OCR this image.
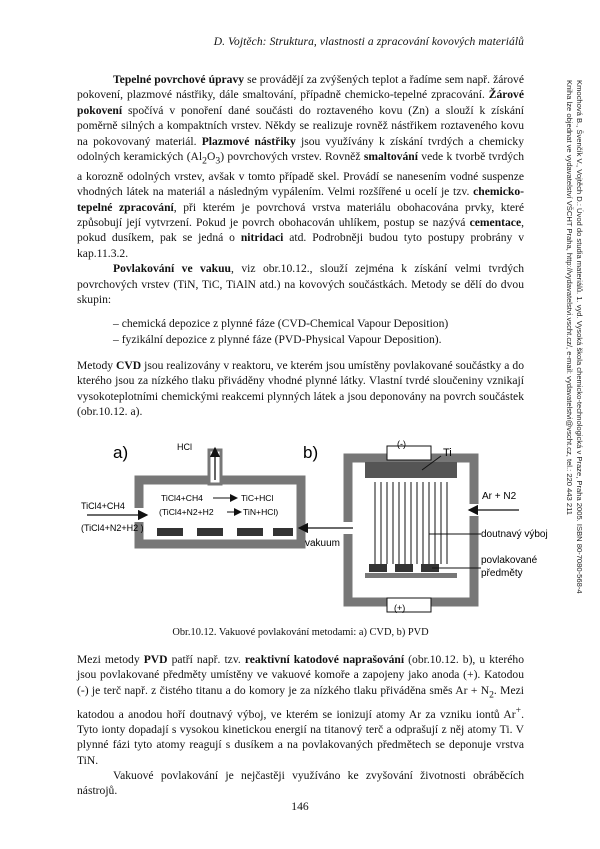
D. Vojtěch: Struktura, vlastnosti a zpracování kovových materiálů
Kmochová B., Švenčík V., Vojtěch D.: Úvod do studia materiálů. 1. vyd. Vysoká škola chemicko-technologická v Praze, Praha 2005. ISBN 80-7080-568-4
Kniha lze objednat ve vydavatelství VŠCHT Praha, http://vydavatelstvi.vscht.cz/, e-mail: vydavatelstvi@vscht.cz, tel.: 220 443 211

Tepelné povrchové úpravy se provádějí za zvýšených teplot a řadíme sem např. žárové pokovení, plazmové nástřiky, dále smaltování, případně chemicko-tepelné zpracování. Žárové pokovení spočívá v ponoření dané součásti do roztaveného kovu (Zn) a slouží k získání poměrně silných a kompaktních vrstev. Někdy se realizuje rovněž nástřikem roztaveného kovu na pokovovaný materiál. Plazmové nástřiky jsou využívány k získání tvrdých a chemicky odolných keramických $(Al_2O_3)$ povrchových vrstev. Rovněž smaltování vede k tvorbě tvrdých a korozně odolných vrstev, avšak v tomto případě skel. Provádí se nanesením vodné suspenze vhodných látek na materiál a následným vypálením. Velmi rozšířené u ocelí je tzv. chemicko-tepelné zpracování, při kterém je povrchová vrstva materiálu obohacována prvky, které způsobují její vytvrzení. Pokud je povrch obohacován uhlíkem, postup se nazývá cementace, pokud dusíkem, pak se jedná o nitridaci atd. Podrobněji budou tyto postupy probrány v kap.11.3.2.

Povlakování ve vakuu, viz obr.10.12., slouží zejména k získání velmi tvrdých povrchových vrstev (TiN, TiC, TiAlN atd.) na kovových součástkách. Metody se dělí do dvou skupin:

– chemická depozice z plynné fáze (CVD-Chemical Vapour Deposition)
– fyzikální depozice z plynné fáze (PVD-Physical Vapour Deposition).

Metody CVD jsou realizovány v reaktoru, ve kterém jsou umístěny povlakované součástky a do kterého jsou za nízkého tlaku přiváděny vhodné plynné látky. Vlastní tvrdé sloučeniny vznikají vysokoteplotními chemickými reakcemi plynných látek a jsou deponovány na povrch součástek (obr.10.12. a).

a)	HCl
TiCl4+CH4
(TiCl4+N2+H2 )
TiCl4+CH4	TiC+HCl
(TiCl4+N2+H2	TiN+HCl)
b)	(-)
Ti
(+)
Ar + N2
vakuum
doutnavý výboj
povlakované
předměty
Obr.10.12. Vakuové povlakování metodami: a) CVD, b) PVD

Mezi metody PVD patří např. tzv. reaktivní katodové naprašování (obr.10.12. b), u kterého jsou povlakované předměty umístěny ve vakuové komoře a zapojeny jako anoda (+). Katodou (-) je terč např. z čistého titanu a do komory je za nízkého tlaku přiváděna směs $Ar + N_2$. Mezi katodou a anodou hoří doutnavý výboj, ve kterém se ionizují atomy Ar za vzniku iontů Ar+. Tyto ionty dopadají s vysokou kinetickou energií na titanový terč a odprašují z něj atomy Ti. V plynné fázi tyto atomy reagují s dusíkem a na povlakovaných předmětech se deponuje vrstva TiN.

Vakuové povlakování je nejčastěji využíváno ke zvyšování životnosti obráběcích nástrojů.

146
